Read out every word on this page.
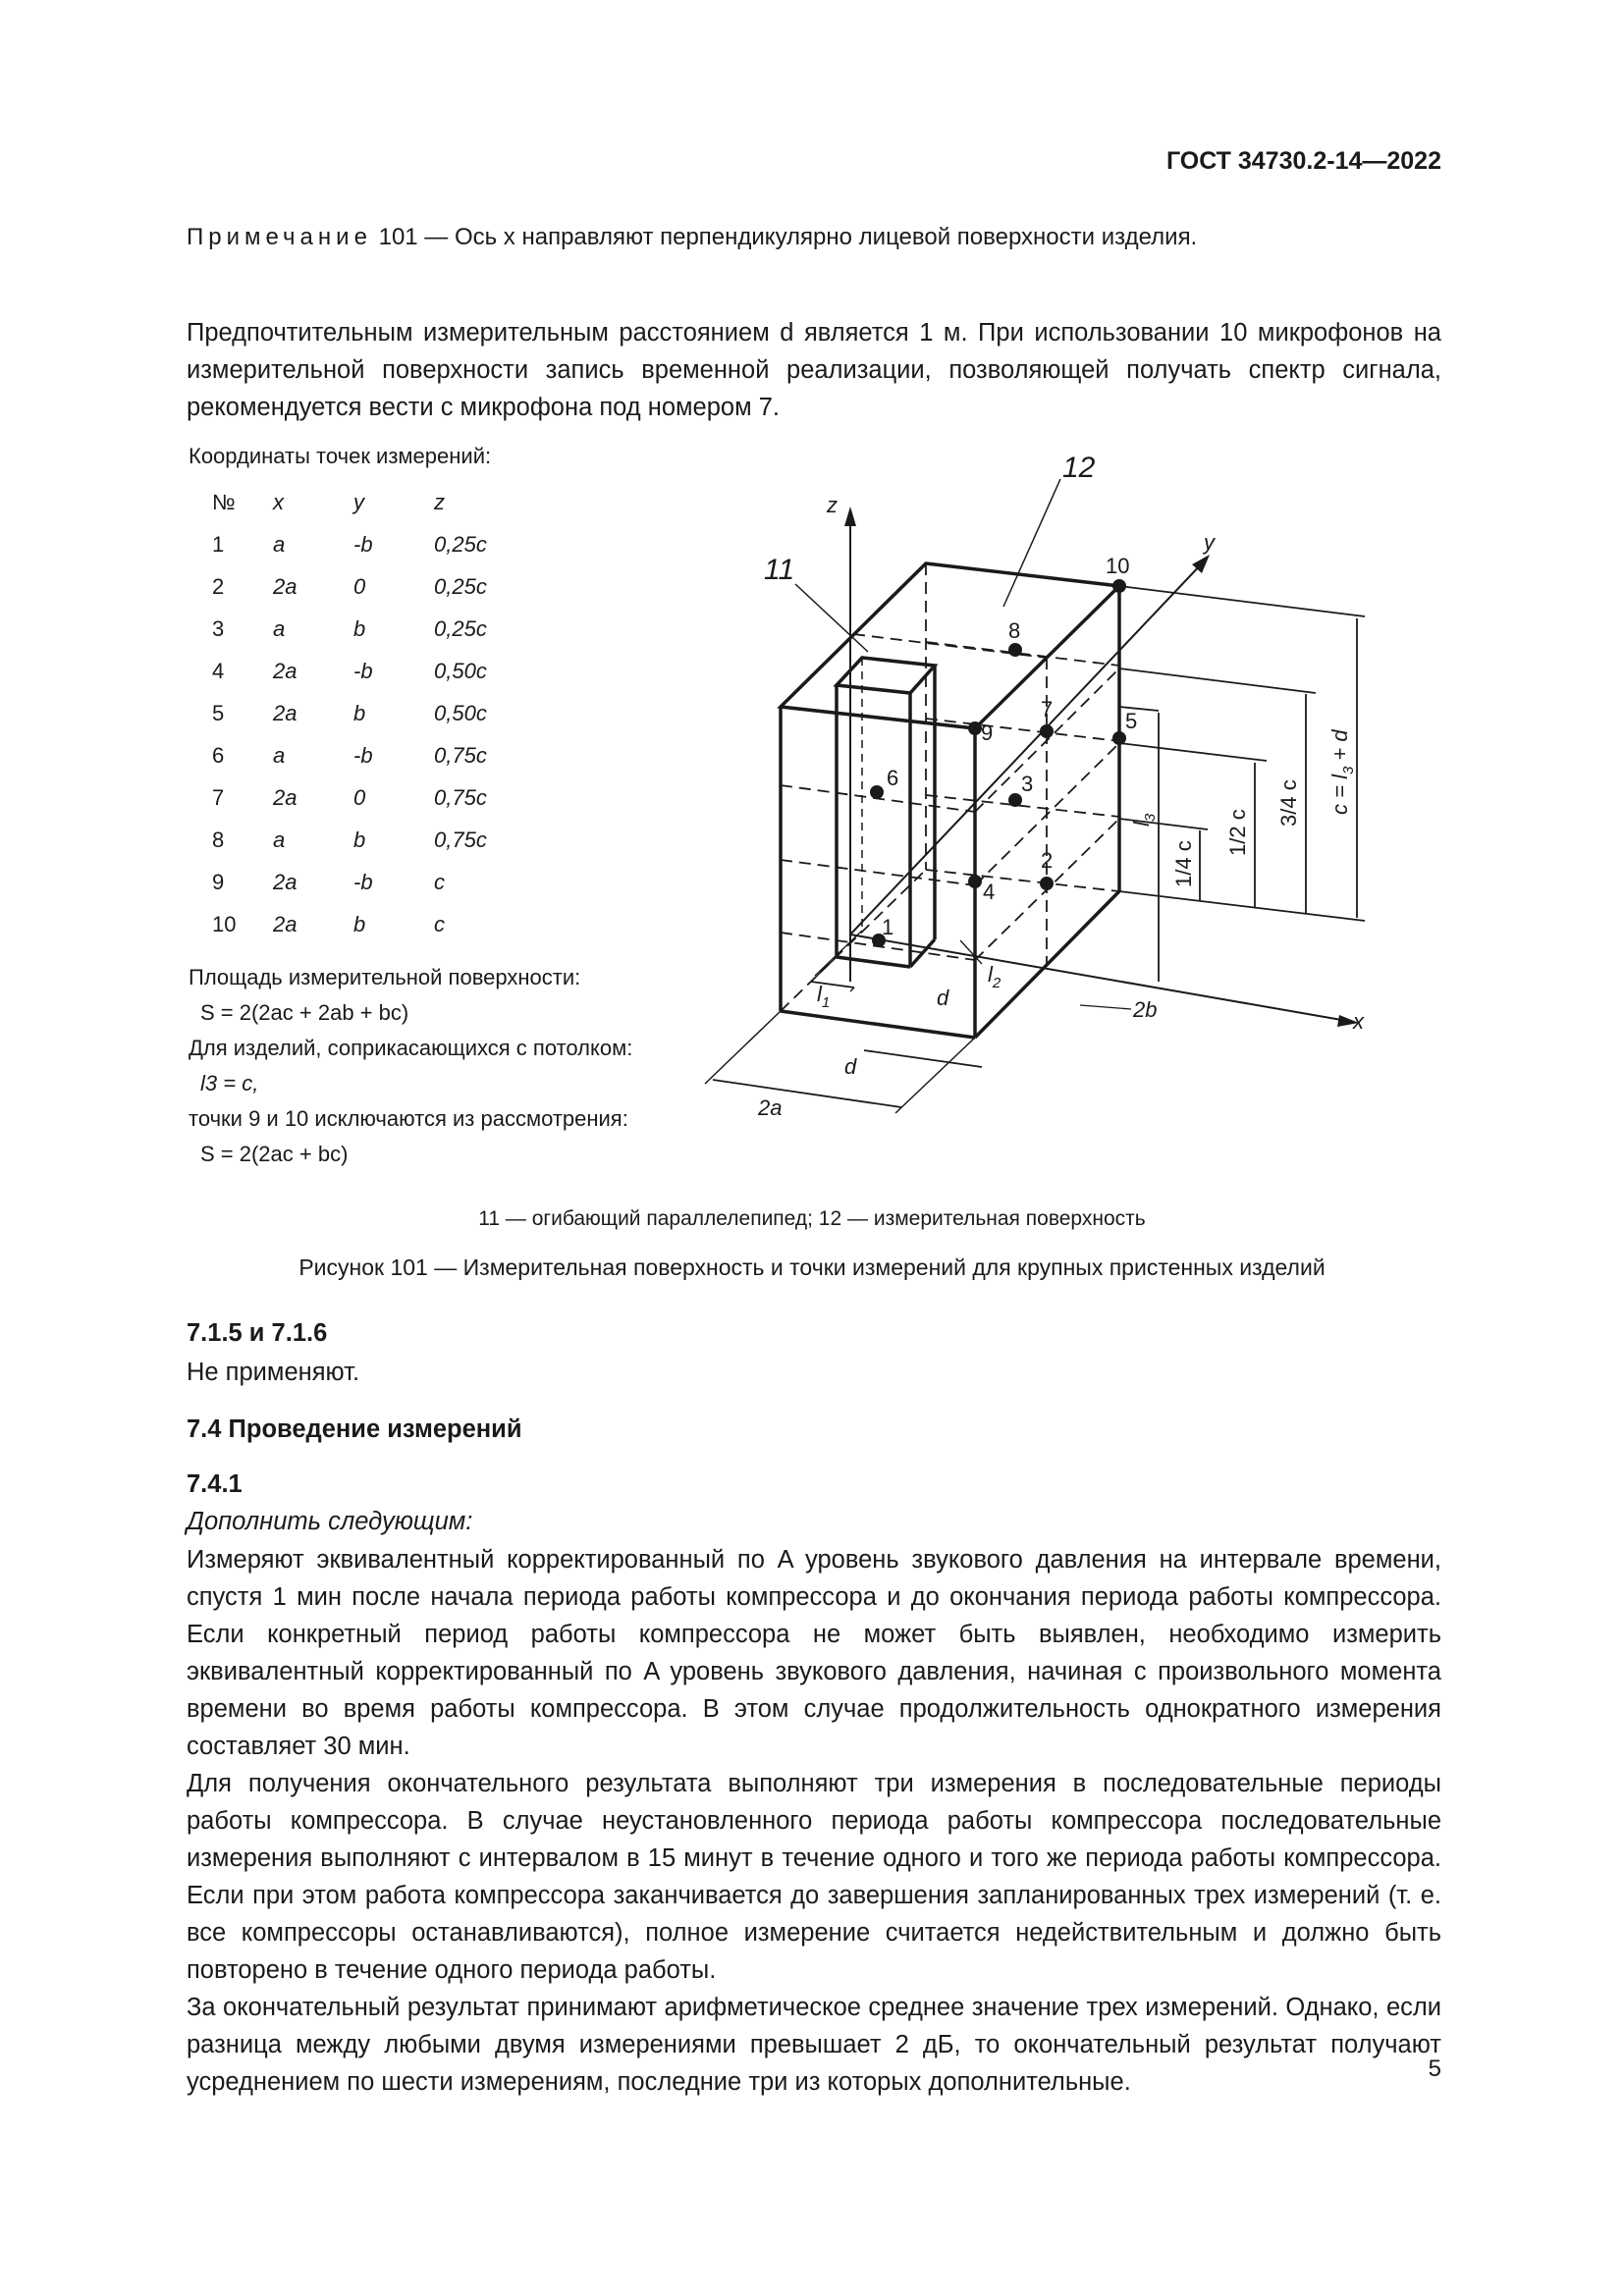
ГОСТ 34730.2-14—2022
Примечание 101 — Ось x направляют перпендикулярно лицевой поверхности изделия.

Предпочтительным измерительным расстоянием d является 1 м. При использовании 10 микрофонов на измерительной поверхности запись временной реализации, позволяющей получать спектр сигнала, рекомендуется вести с микрофона под номером 7.

Координаты точек измерений:
№	x	y	z
1	a	-b	0,25c
2	2a	0	0,25c
3	a	b	0,25c
4	2a	-b	0,50c
5	2a	b	0,50c
6	a	-b	0,75c
7	2a	0	0,75c
8	a	b	0,75c
9	2a	-b	c
10	2a	b	c
Площадь измерительной поверхности:
S = 2(2ac + 2ab + bc)
Для изделий, соприкасающихся с потолком:
l3 = c,
точки 9 и 10 исключаются из рассмотрения:
S = 2(2ac + bc)
z
y
x
11
12
1
2
3
4
5
6
7
8
9
10
$l_1$
$l_2$
$l_3$
d
d
2a
2b
1/4 c
1/2 c
3/4 c $c = l_3 + d$
11 — огибающий параллелепипед; 12 — измерительная поверхность
Рисунок 101 — Измерительная поверхность и точки измерений для крупных пристенных изделий
7.1.5 и 7.1.6
Не применяют.
7.4 Проведение измерений
7.4.1
Дополнить следующим:

Измеряют эквивалентный корректированный по A уровень звукового давления на интервале времени, спустя 1 мин после начала периода работы компрессора и до окончания периода работы компрессора. Если конкретный период работы компрессора не может быть выявлен, необходимо измерить эквивалентный корректированный по A уровень звукового давления, начиная с произвольного момента времени во время работы компрессора. В этом случае продолжительность однократного измерения составляет 30 мин.

Для получения окончательного результата выполняют три измерения в последовательные периоды работы компрессора. В случае неустановленного периода работы компрессора последовательные измерения выполняют с интервалом в 15 минут в течение одного и того же периода работы компрессора. Если при этом работа компрессора заканчивается до завершения запланированных трех измерений (т. е. все компрессоры останавливаются), полное измерение считается недействительным и должно быть повторено в течение одного периода работы.

За окончательный результат принимают арифметическое среднее значение трех измерений. Однако, если разница между любыми двумя измерениями превышает 2 дБ, то окончательный результат получают усреднением по шести измерениям, последние три из которых дополнительные.	5
